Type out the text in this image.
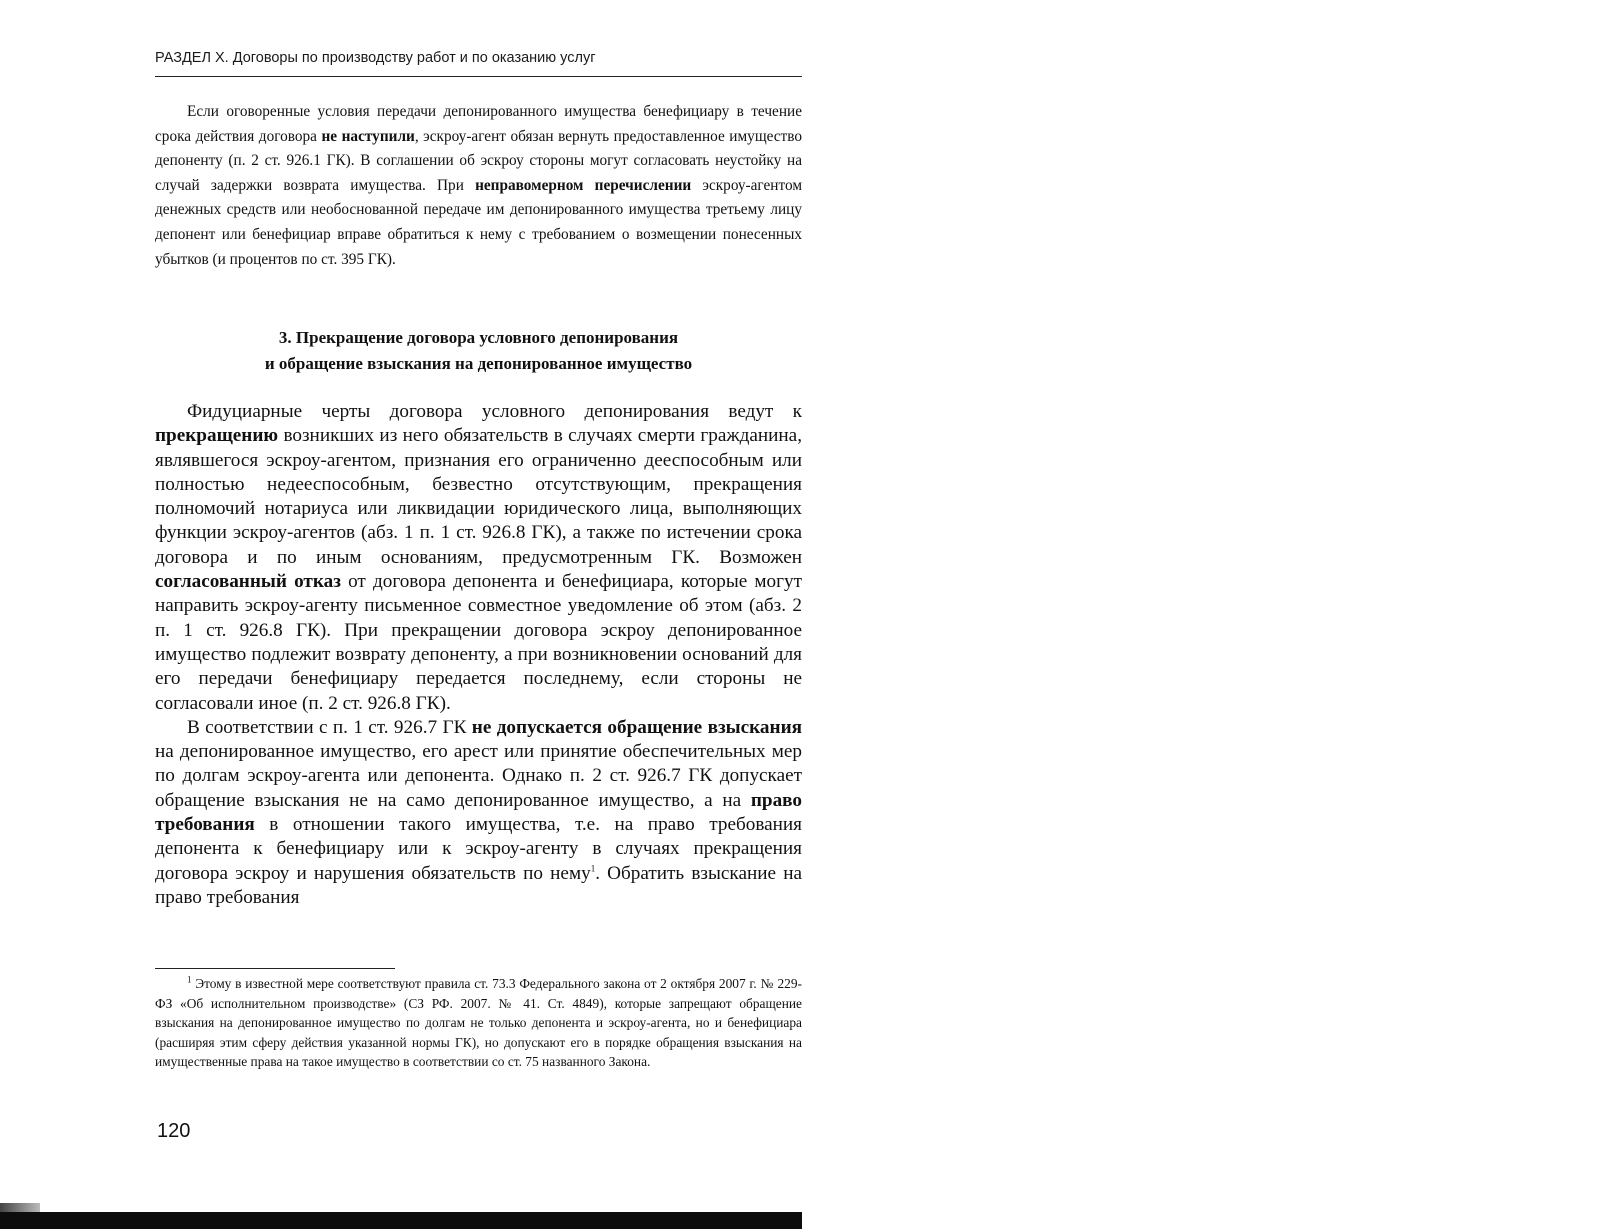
РАЗДЕЛ X. Договоры по производству работ и по оказанию услуг

Если оговоренные условия передачи депонированного имущества бенефициару в течение срока действия договора не наступили, эскроу-агент обязан вернуть предоставленное имущество депоненту (п. 2 ст. 926.1 ГК). В соглашении об эскроу стороны могут согласовать неустойку на случай задержки возврата имущества. При неправомерном перечислении эскроу-агентом денежных средств или необоснованной передаче им депонированного имущества третьему лицу депонент или бенефициар вправе обратиться к нему с требованием о возмещении понесенных убытков (и процентов по ст. 395 ГК).

3. Прекращение договора условного депонирования
и обращение взыскания на депонированное имущество

Фидуциарные черты договора условного депонирования ведут к прекращению возникших из него обязательств в случаях смерти гражданина, являвшегося эскроу-агентом, признания его ограниченно дееспособным или полностью недееспособным, безвестно отсутствующим, прекращения полномочий нотариуса или ликвидации юридического лица, выполняющих функции эскроу-агентов (абз. 1 п. 1 ст. 926.8 ГК), а также по истечении срока договора и по иным основаниям, предусмотренным ГК. Возможен согласованный отказ от договора депонента и бенефициара, которые могут направить эскроу-агенту письменное совместное уведомление об этом (абз. 2 п. 1 ст. 926.8 ГК). При прекращении договора эскроу депонированное имущество подлежит возврату депоненту, а при возникновении оснований для его передачи бенефициару передается последнему, если стороны не согласовали иное (п. 2 ст. 926.8 ГК).

В соответствии с п. 1 ст. 926.7 ГК не допускается обращение взыскания на депонированное имущество, его арест или принятие обеспечительных мер по долгам эскроу-агента или депонента. Однако п. 2 ст. 926.7 ГК допускает обращение взыскания не на само депонированное имущество, а на право требования в отношении такого имущества, т.е. на право требования депонента к бенефициару или к эскроу-агенту в случаях прекращения договора эскроу и нарушения обязательств по нему$^1$. Обратить взыскание на право требования

$^1$ Этому в известной мере соответствуют правила ст. 73.3 Федерального закона от 2 октября 2007 г. № 229-ФЗ «Об исполнительном производстве» (СЗ РФ. 2007. № 41. Ст. 4849), которые запрещают обращение взыскания на депонированное имущество по долгам не только депонента и эскроу-агента, но и бенефициара (расширяя этим сферу действия указанной нормы ГК), но допускают его в порядке обращения взыскания на имущественные права на такое имущество в соответствии со ст. 75 названного Закона.

120
